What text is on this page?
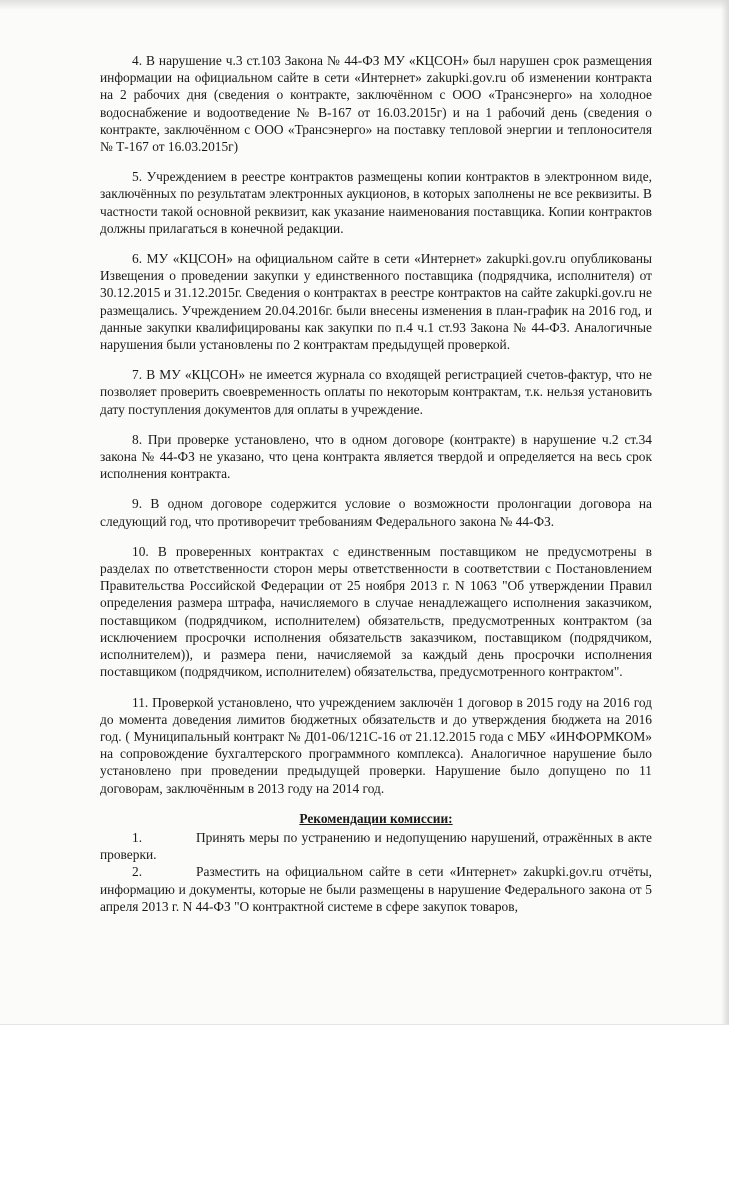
4. В нарушение ч.3 ст.103 Закона № 44-ФЗ МУ «КЦСОН» был нарушен срок размещения информации на официальном сайте в сети «Интернет» zakupki.gov.ru об изменении контракта на 2 рабочих дня (сведения о контракте, заключённом с ООО «Трансэнерго» на холодное водоснабжение и водоотведение № В-167 от 16.03.2015г) и на 1 рабочий день (сведения о контракте, заключённом с ООО «Трансэнерго» на поставку тепловой энергии и теплоносителя № Т-167 от 16.03.2015г)

5. Учреждением в реестре контрактов размещены копии контрактов в электронном виде, заключённых по результатам электронных аукционов, в которых заполнены не все реквизиты. В частности такой основной реквизит, как указание наименования поставщика. Копии контрактов должны прилагаться в конечной редакции.

6. МУ «КЦСОН» на официальном сайте в сети «Интернет» zakupki.gov.ru опубликованы Извещения о проведении закупки у единственного поставщика (подрядчика, исполнителя) от 30.12.2015 и 31.12.2015г. Сведения о контрактах в реестре контрактов на сайте zakupki.gov.ru не размещались. Учреждением 20.04.2016г. были внесены изменения в план-график на 2016 год, и данные закупки квалифицированы как закупки по п.4 ч.1 ст.93 Закона № 44-ФЗ. Аналогичные нарушения были установлены по 2 контрактам предыдущей проверкой.

7. В МУ «КЦСОН» не имеется журнала со входящей регистрацией счетов-фактур, что не позволяет проверить своевременность оплаты по некоторым контрактам, т.к. нельзя установить дату поступления документов для оплаты в учреждение.

8. При проверке установлено, что в одном договоре (контракте) в нарушение ч.2 ст.34 закона № 44-ФЗ не указано, что цена контракта является твердой и определяется на весь срок исполнения контракта.

9. В одном договоре содержится условие о возможности пролонгации договора на следующий год, что противоречит требованиям Федерального закона № 44-ФЗ.

10. В проверенных контрактах с единственным поставщиком не предусмотрены в разделах по ответственности сторон меры ответственности в соответствии с Постановлением Правительства Российской Федерации от 25 ноября 2013 г. N 1063 "Об утверждении Правил определения размера штрафа, начисляемого в случае ненадлежащего исполнения заказчиком, поставщиком (подрядчиком, исполнителем) обязательств, предусмотренных контрактом (за исключением просрочки исполнения обязательств заказчиком, поставщиком (подрядчиком, исполнителем)), и размера пени, начисляемой за каждый день просрочки исполнения поставщиком (подрядчиком, исполнителем) обязательства, предусмотренного контрактом".

11. Проверкой установлено, что учреждением заключён 1 договор в 2015 году на 2016 год до момента доведения лимитов бюджетных обязательств и до утверждения бюджета на 2016 год. ( Муниципальный контракт № Д01-06/121С-16 от 21.12.2015 года с МБУ «ИНФОРМКОМ» на сопровождение бухгалтерского программного комплекса). Аналогичное нарушение было установлено при проведении предыдущей проверки. Нарушение было допущено по 11 договорам, заключённым в 2013 году на 2014 год.

Рекомендации комиссии:

1.	Принять меры по устранению и недопущению нарушений, отражённых в акте проверки.

2.	Разместить на официальном сайте в сети «Интернет» zakupki.gov.ru отчёты, информацию и документы, которые не были размещены в нарушение Федерального закона от 5 апреля 2013 г. N 44-ФЗ "О контрактной системе в сфере закупок товаров,
